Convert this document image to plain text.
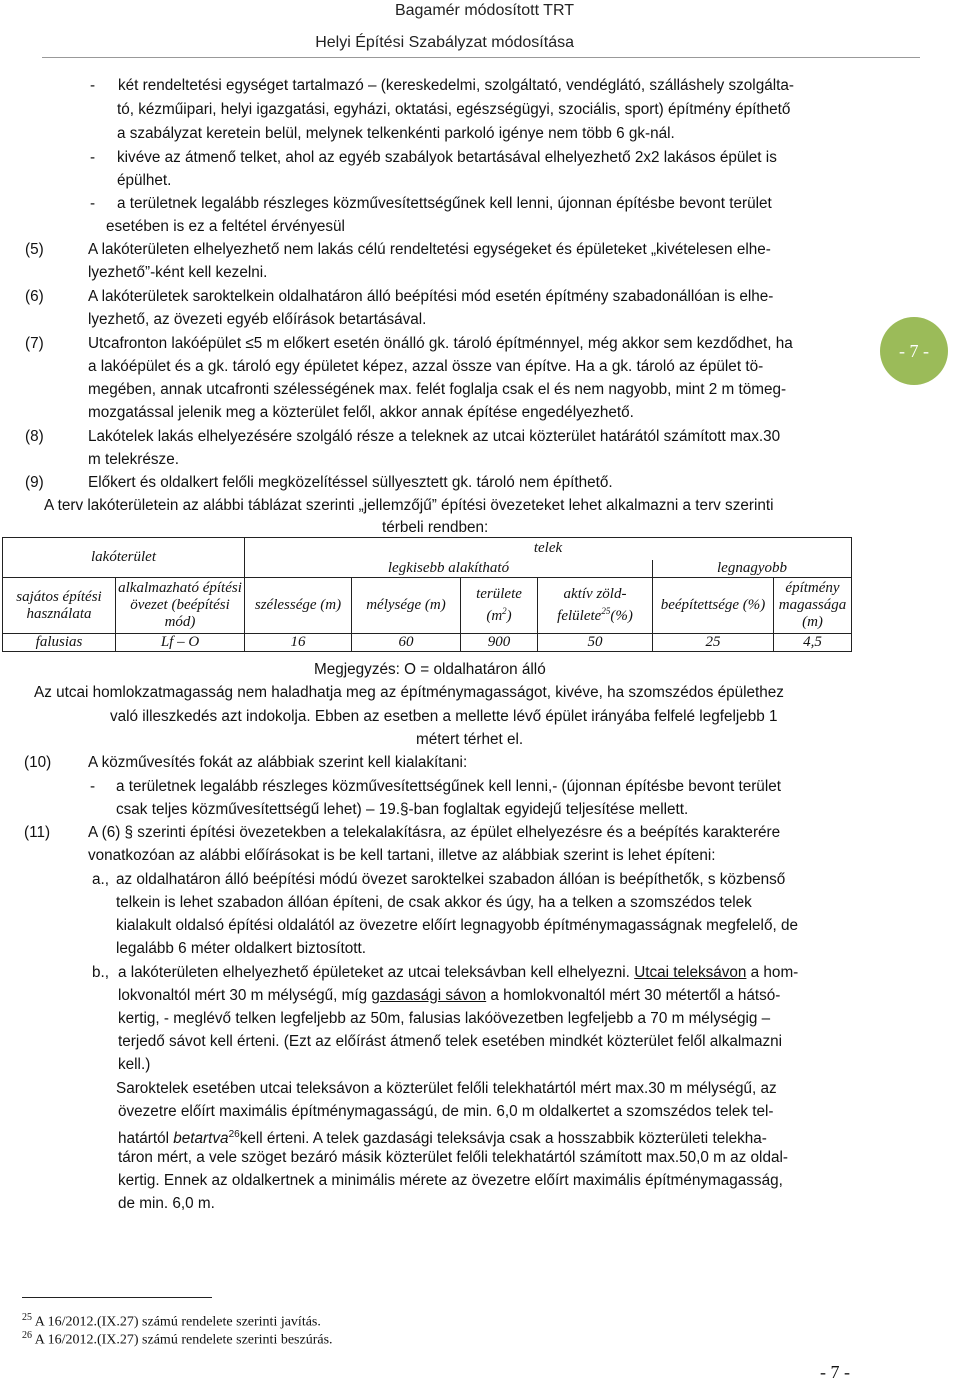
Bagamér módosított TRT
Helyi Építési Szabályzat módosítása
- két rendeltetési egységet tartalmazó – (kereskedelmi, szolgáltató, vendéglátó, szálláshely szolgálta-
tó, kézműipari, helyi igazgatási, egyházi, oktatási, egészségügyi, szociális, sport) építmény építhető
a szabályzat keretein belül, melynek telkenkénti parkoló igénye nem több 6 gk-nál.
- kivéve az átmenő telket, ahol az egyéb szabályok betartásával elhelyezhető 2x2 lakásos épület is
épülhet.
- a területnek legalább részleges közművesítettségűnek kell lenni, újonnan építésbe bevont terület
esetében is ez a feltétel érvényesül
(5)	A lakóterületen elhelyezhető nem lakás célú rendeltetési egységeket és épületeket „kivételesen elhe-
lyezhető”-ként kell kezelni.
(6)	A lakóterületek saroktelkein oldalhatáron álló beépítési mód esetén építmény szabadonállóan is elhe-
lyezhető, az övezeti egyéb előírások betartásával.
(7)	Utcafronton lakóépület ≤5 m előkert esetén önálló gk. tároló építménnyel, még akkor sem kezdődhet, ha
a lakóépület és a gk. tároló egy épületet képez, azzal össze van építve. Ha a gk. tároló az épület tö-
megében, annak utcafronti szélességének max. felét foglalja csak el és nem nagyobb, mint 2 m tömeg-
mozgatással jelenik meg a közterület felől, akkor annak építése engedélyezhető.
(8)	Lakótelek lakás elhelyezésére szolgáló része a teleknek az utcai közterület határától számított max.30
m telekrésze.
(9)	Előkert és oldalkert felőli megközelítéssel süllyesztett gk. tároló nem építhető.
- 7 -
A terv lakóterületein az alábbi táblázat szerinti „jellemzőjű” építési övezeteket lehet alkalmazni a terv szerinti
térbeli rendben:
lakóterület		telek					
		legkisebb alakítható				legnagyobb	
sajátos építési használata	alkalmazható építési övezet (beépítési mód)	szélessége (m)	mélysége (m)	területe $(m^2)$	aktív zöld-felülete$^{25}$(%)	beépítettsége (%)	építmény magassága (m)
falusias	Lf – O	16	60	900	50	25	4,5
Megjegyzés: O = oldalhatáron álló
Az utcai homlokzatmagasság nem haladhatja meg az építménymagasságot, kivéve, ha szomszédos épülethez
való illeszkedés azt indokolja. Ebben az esetben a mellette lévő épület irányába felfelé legfeljebb 1
métert térhet el.
(10) A közművesítés fokát az alábbiak szerint kell kialakítani:
- a területnek legalább részleges közművesítettségűnek kell lenni,- (újonnan építésbe bevont terület
csak teljes közművesítettségű lehet) – 19.§-ban foglaltak egyidejű teljesítése mellett.
(11) A (6) § szerinti építési övezetekben a telekalakításra, az épület elhelyezésre és a beépítés karakterére
vonatkozóan az alábbi előírásokat is be kell tartani, illetve az alábbiak szerint is lehet építeni:
a., az oldalhatáron álló beépítési módú övezet saroktelkei szabadon állóan is beépíthetők, s közbenső
telkein is lehet szabadon állóan építeni, de csak akkor és úgy, ha a telken a szomszédos telek
kialakult oldalsó építési oldalától az övezetre előírt legnagyobb építménymagasságnak megfelelő, de
legalább 6 méter oldalkert biztosított.
b., a lakóterületen elhelyezhető épületeket az utcai teleksávban kell elhelyezni. Utcai teleksávon a hom-
lokvonaltól mért 30 m mélységű, míg gazdasági sávon a homlokvonaltól mért 30 métertől a hátsó-
kertig, - meglévő telken legfeljebb az 50m, falusias lakóövezetben legfeljebb a 70 m mélységig –
terjedő sávot kell érteni. (Ezt az előírást átmenő telek esetében mindkét közterület felől alkalmazni
kell.)
Saroktelek esetében utcai teleksávon a közterület felőli telekhatártól mért max.30 m mélységű, az
övezetre előírt maximális építménymagasságú, de min. 6,0 m oldalkertet a szomszédos telek tel-
határtól betartva$^{26}$kell érteni. A telek gazdasági teleksávja csak a hosszabbik közterületi telekha-
táron mért, a vele szöget bezáró másik közterület felőli telekhatártól számított max.50,0 m az oldal-
kertig. Ennek az oldalkertnek a minimális mérete az övezetre előírt maximális építménymagasság,
de min. 6,0 m.
$^{25}$ A 16/2012.(IX.27) számú rendelete szerinti javítás.
$^{26}$ A 16/2012.(IX.27) számú rendelete szerinti beszúrás.
- 7 -
